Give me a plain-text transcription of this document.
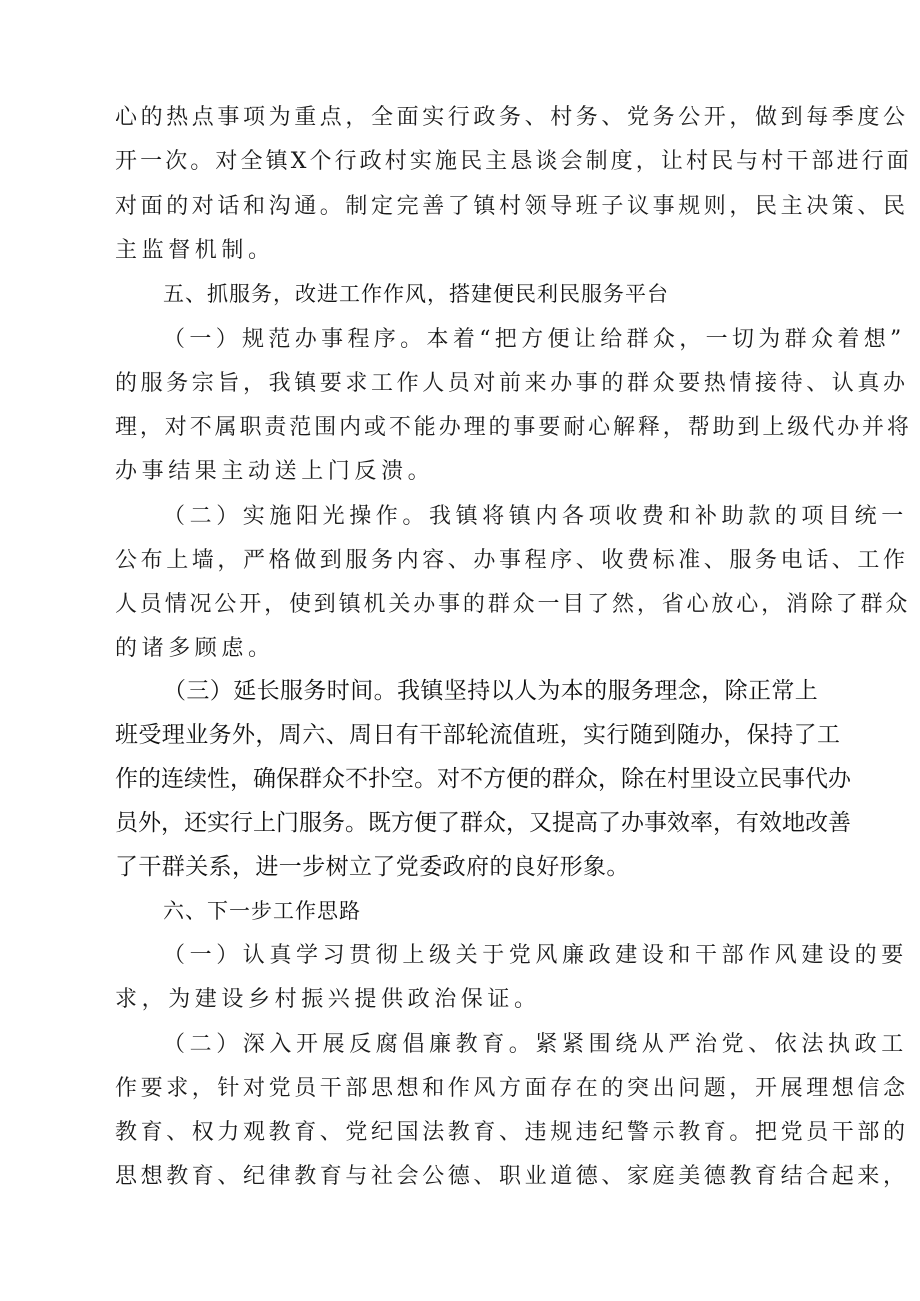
心的热点事项为重点，全面实行政务、村务、党务公开，做到每季度公
开一次。对全镇X个行政村实施民主恳谈会制度，让村民与村干部进行面
对面的对话和沟通。制定完善了镇村领导班子议事规则，民主决策、民
主监督机制。
五、抓服务，改进工作作风，搭建便民利民服务平台
（一）规范办事程序。本着“把方便让给群众，一切为群众着想”
的服务宗旨，我镇要求工作人员对前来办事的群众要热情接待、认真办
理，对不属职责范围内或不能办理的事要耐心解释，帮助到上级代办并将
办事结果主动送上门反溃。
（二）实施阳光操作。我镇将镇内各项收费和补助款的项目统一
公布上墙，严格做到服务内容、办事程序、收费标准、服务电话、工作
人员情况公开，使到镇机关办事的群众一目了然，省心放心，消除了群众
的诸多顾虑。
（三）延长服务时间。我镇坚持以人为本的服务理念，除正常上
班受理业务外，周六、周日有干部轮流值班，实行随到随办，保持了工
作的连续性，确保群众不扑空。对不方便的群众，除在村里设立民事代办
员外，还实行上门服务。既方便了群众，又提高了办事效率，有效地改善
了干群关系，进一步树立了党委政府的良好形象。
六、下一步工作思路
（一）认真学习贯彻上级关于党风廉政建设和干部作风建设的要
求，为建设乡村振兴提供政治保证。
（二）深入开展反腐倡廉教育。紧紧围绕从严治党、依法执政工
作要求，针对党员干部思想和作风方面存在的突出问题，开展理想信念
教育、权力观教育、党纪国法教育、违规违纪警示教育。把党员干部的
思想教育、纪律教育与社会公德、职业道德、家庭美德教育结合起来，
